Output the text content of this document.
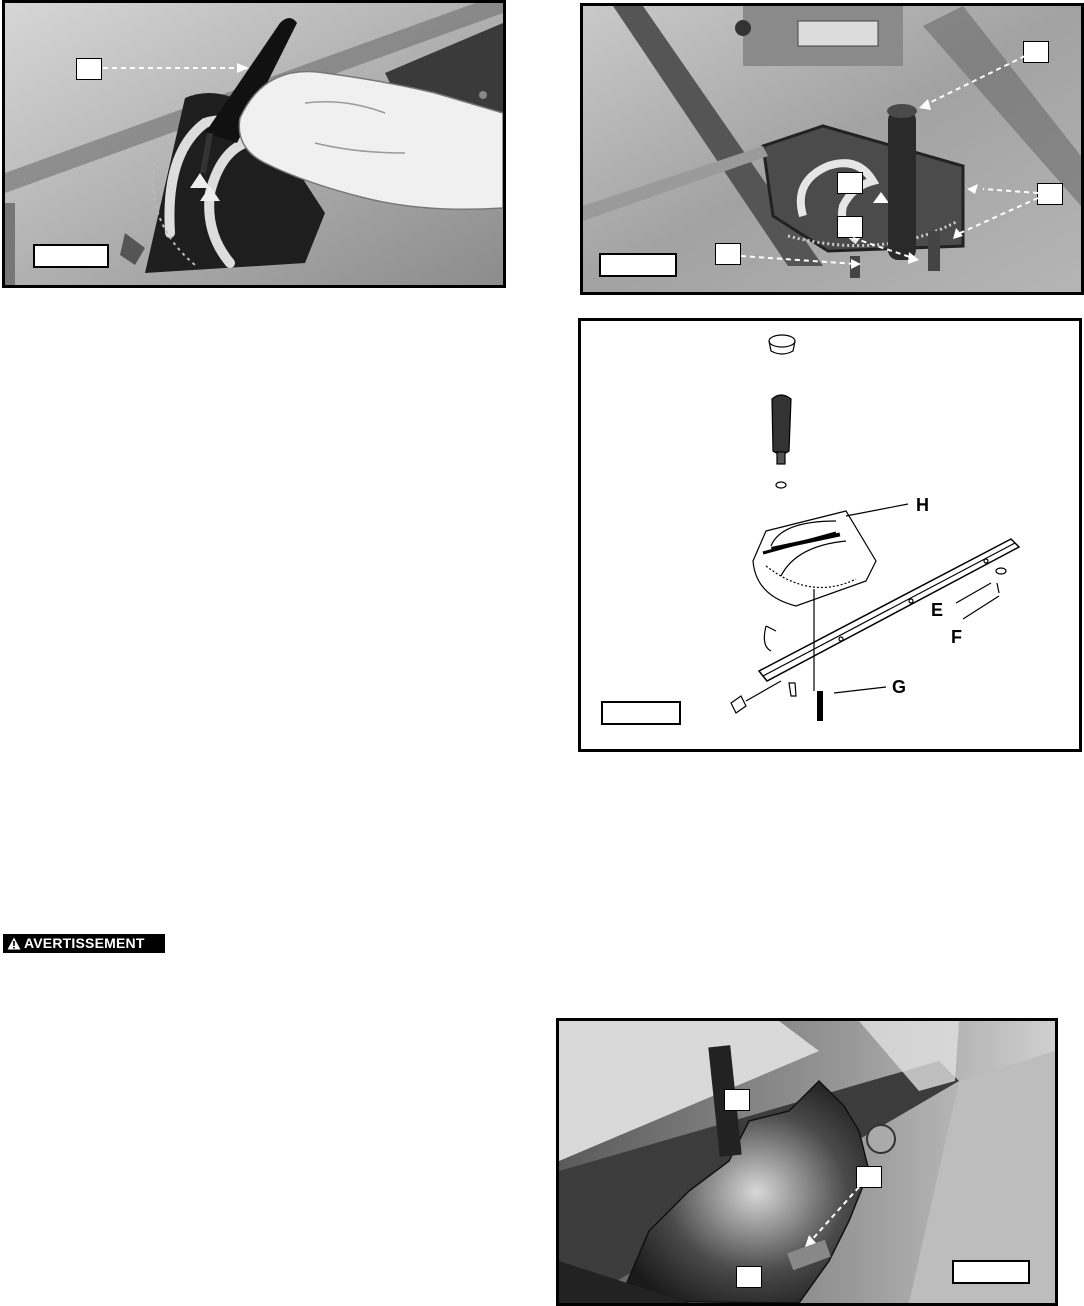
H
E
F
G
AVERTISSEMENT
